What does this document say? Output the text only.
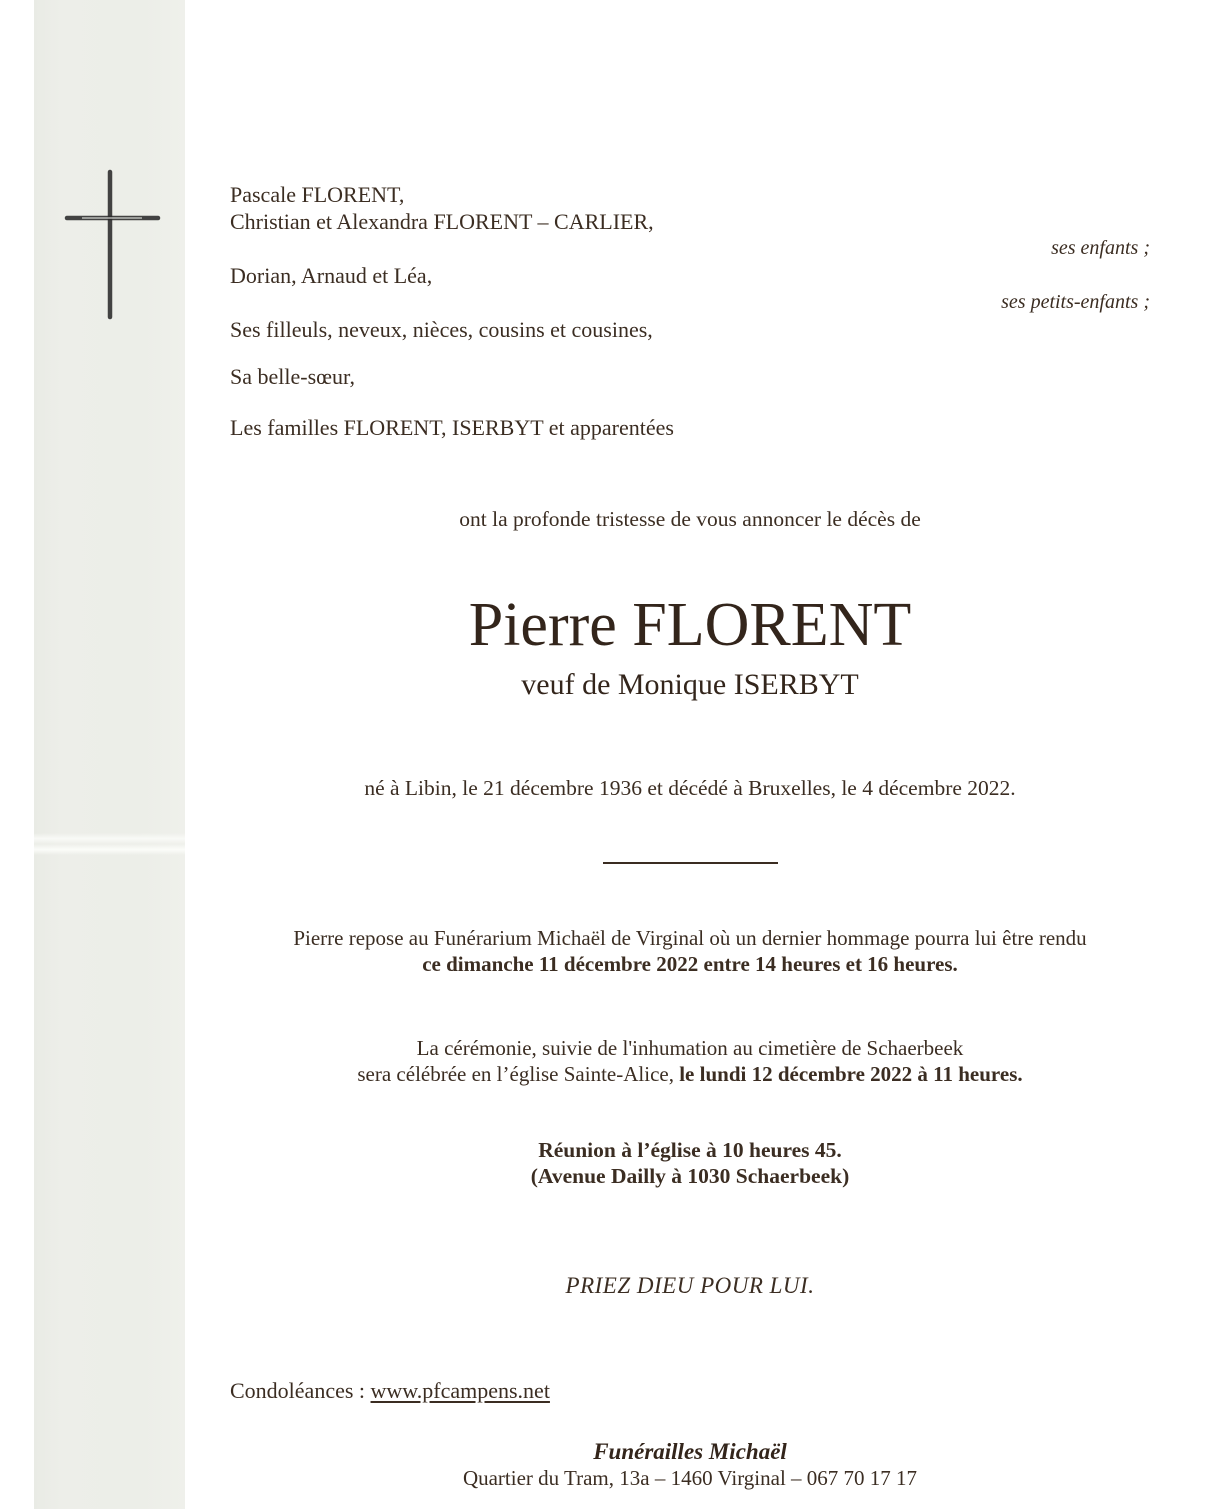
Pascale FLORENT,
Christian et Alexandra FLORENT – CARLIER,
ses enfants ;
Dorian, Arnaud et Léa,
ses petits-enfants ;
Ses filleuls, neveux, nièces, cousins et cousines,
Sa belle-sœur,
Les familles FLORENT, ISERBYT et apparentées
ont la profonde tristesse de vous annoncer le décès de
Pierre FLORENT
veuf de Monique ISERBYT
né à Libin, le 21 décembre 1936 et décédé à Bruxelles, le 4 décembre 2022.
Pierre repose au Funérarium Michaël de Virginal où un dernier hommage pourra lui être rendu
ce dimanche 11 décembre 2022 entre 14 heures et 16 heures.
La cérémonie, suivie de l'inhumation au cimetière de Schaerbeek
sera célébrée en l’église Sainte-Alice, le lundi 12 décembre 2022 à 11 heures.
Réunion à l’église à 10 heures 45.
(Avenue Dailly à 1030 Schaerbeek)
PRIEZ DIEU POUR LUI.
Condoléances : www.pfcampens.net
Funérailles Michaël
Quartier du Tram, 13a – 1460 Virginal – 067 70 17 17
